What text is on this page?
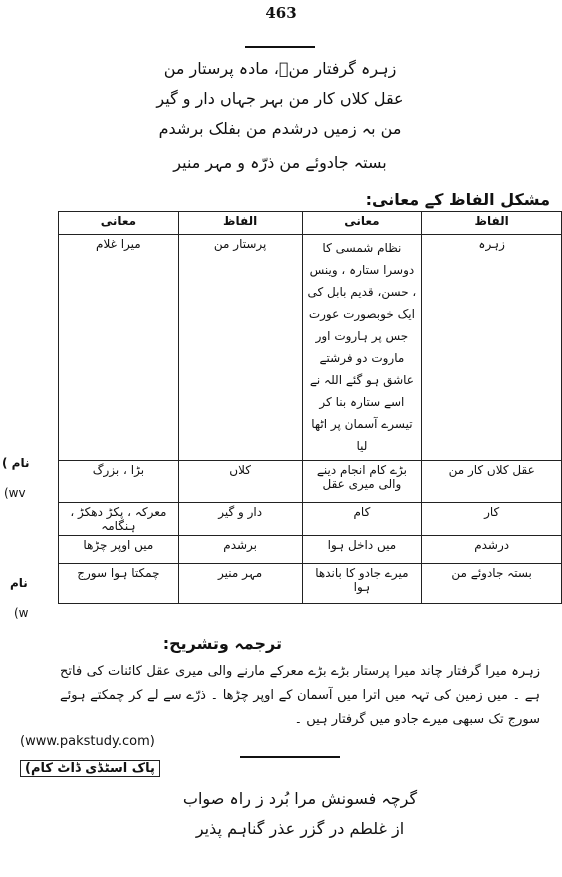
463
زہرہ گرفتار منؔ، مادہ پرستار من
عقل کلاں کار من بہر جہاں دار و گیر
من بہ زمیں درشدم من بفلک برشدم
بستہ جادوئے من ذرّہ و مہر منیر
مشکل الفاظ کے معانی:
الفاظ	معانی	الفاظ	معانی
زہرہ	نظام شمسی کا دوسرا ستارہ ، وینس ، حسن، قدیم بابل کی ایک خوبصورت عورت جس پر ہاروت اور ماروت دو فرشتے عاشق ہو گئے اللہ نے اسے ستارہ بنا کر تیسرے آسمان پر اٹھا لیا	پرستار من	میرا غلام
عقل کلاں کار من	بڑے کام انجام دینے والی میری عقل	کلاں	بڑا ، بزرگ
کار	کام	دار و گیر	معرکہ ، پکڑ دھکڑ ، ہنگامہ
درشدم	میں داخل ہوا	برشدم	میں اوپر چڑھا
بستہ جادوئے من	میرے جادو کا باندھا ہوا	مہر منیر	چمکتا ہوا سورج
نام )
(wv
نام
(w
ترجمہ وتشریح:
زہرہ میرا گرفتار چاند میرا پرستار بڑے بڑے معرکے مارنے والی میری عقل کائنات کی فاتح ہے ۔ میں زمین کی تہہ میں اترا میں آسمان کے اوپر چڑھا ۔ ذرّے سے لے کر چمکتے ہوئے سورج تک سبھی میرے جادو میں گرفتار ہیں ۔
(www.pakstudy.com)
پاک اسٹڈی ڈاٹ کام)
گرچہ فسونش مرا بُرد ز راہ صواب
از غلطم در گزر عذر گناہم پذیر
